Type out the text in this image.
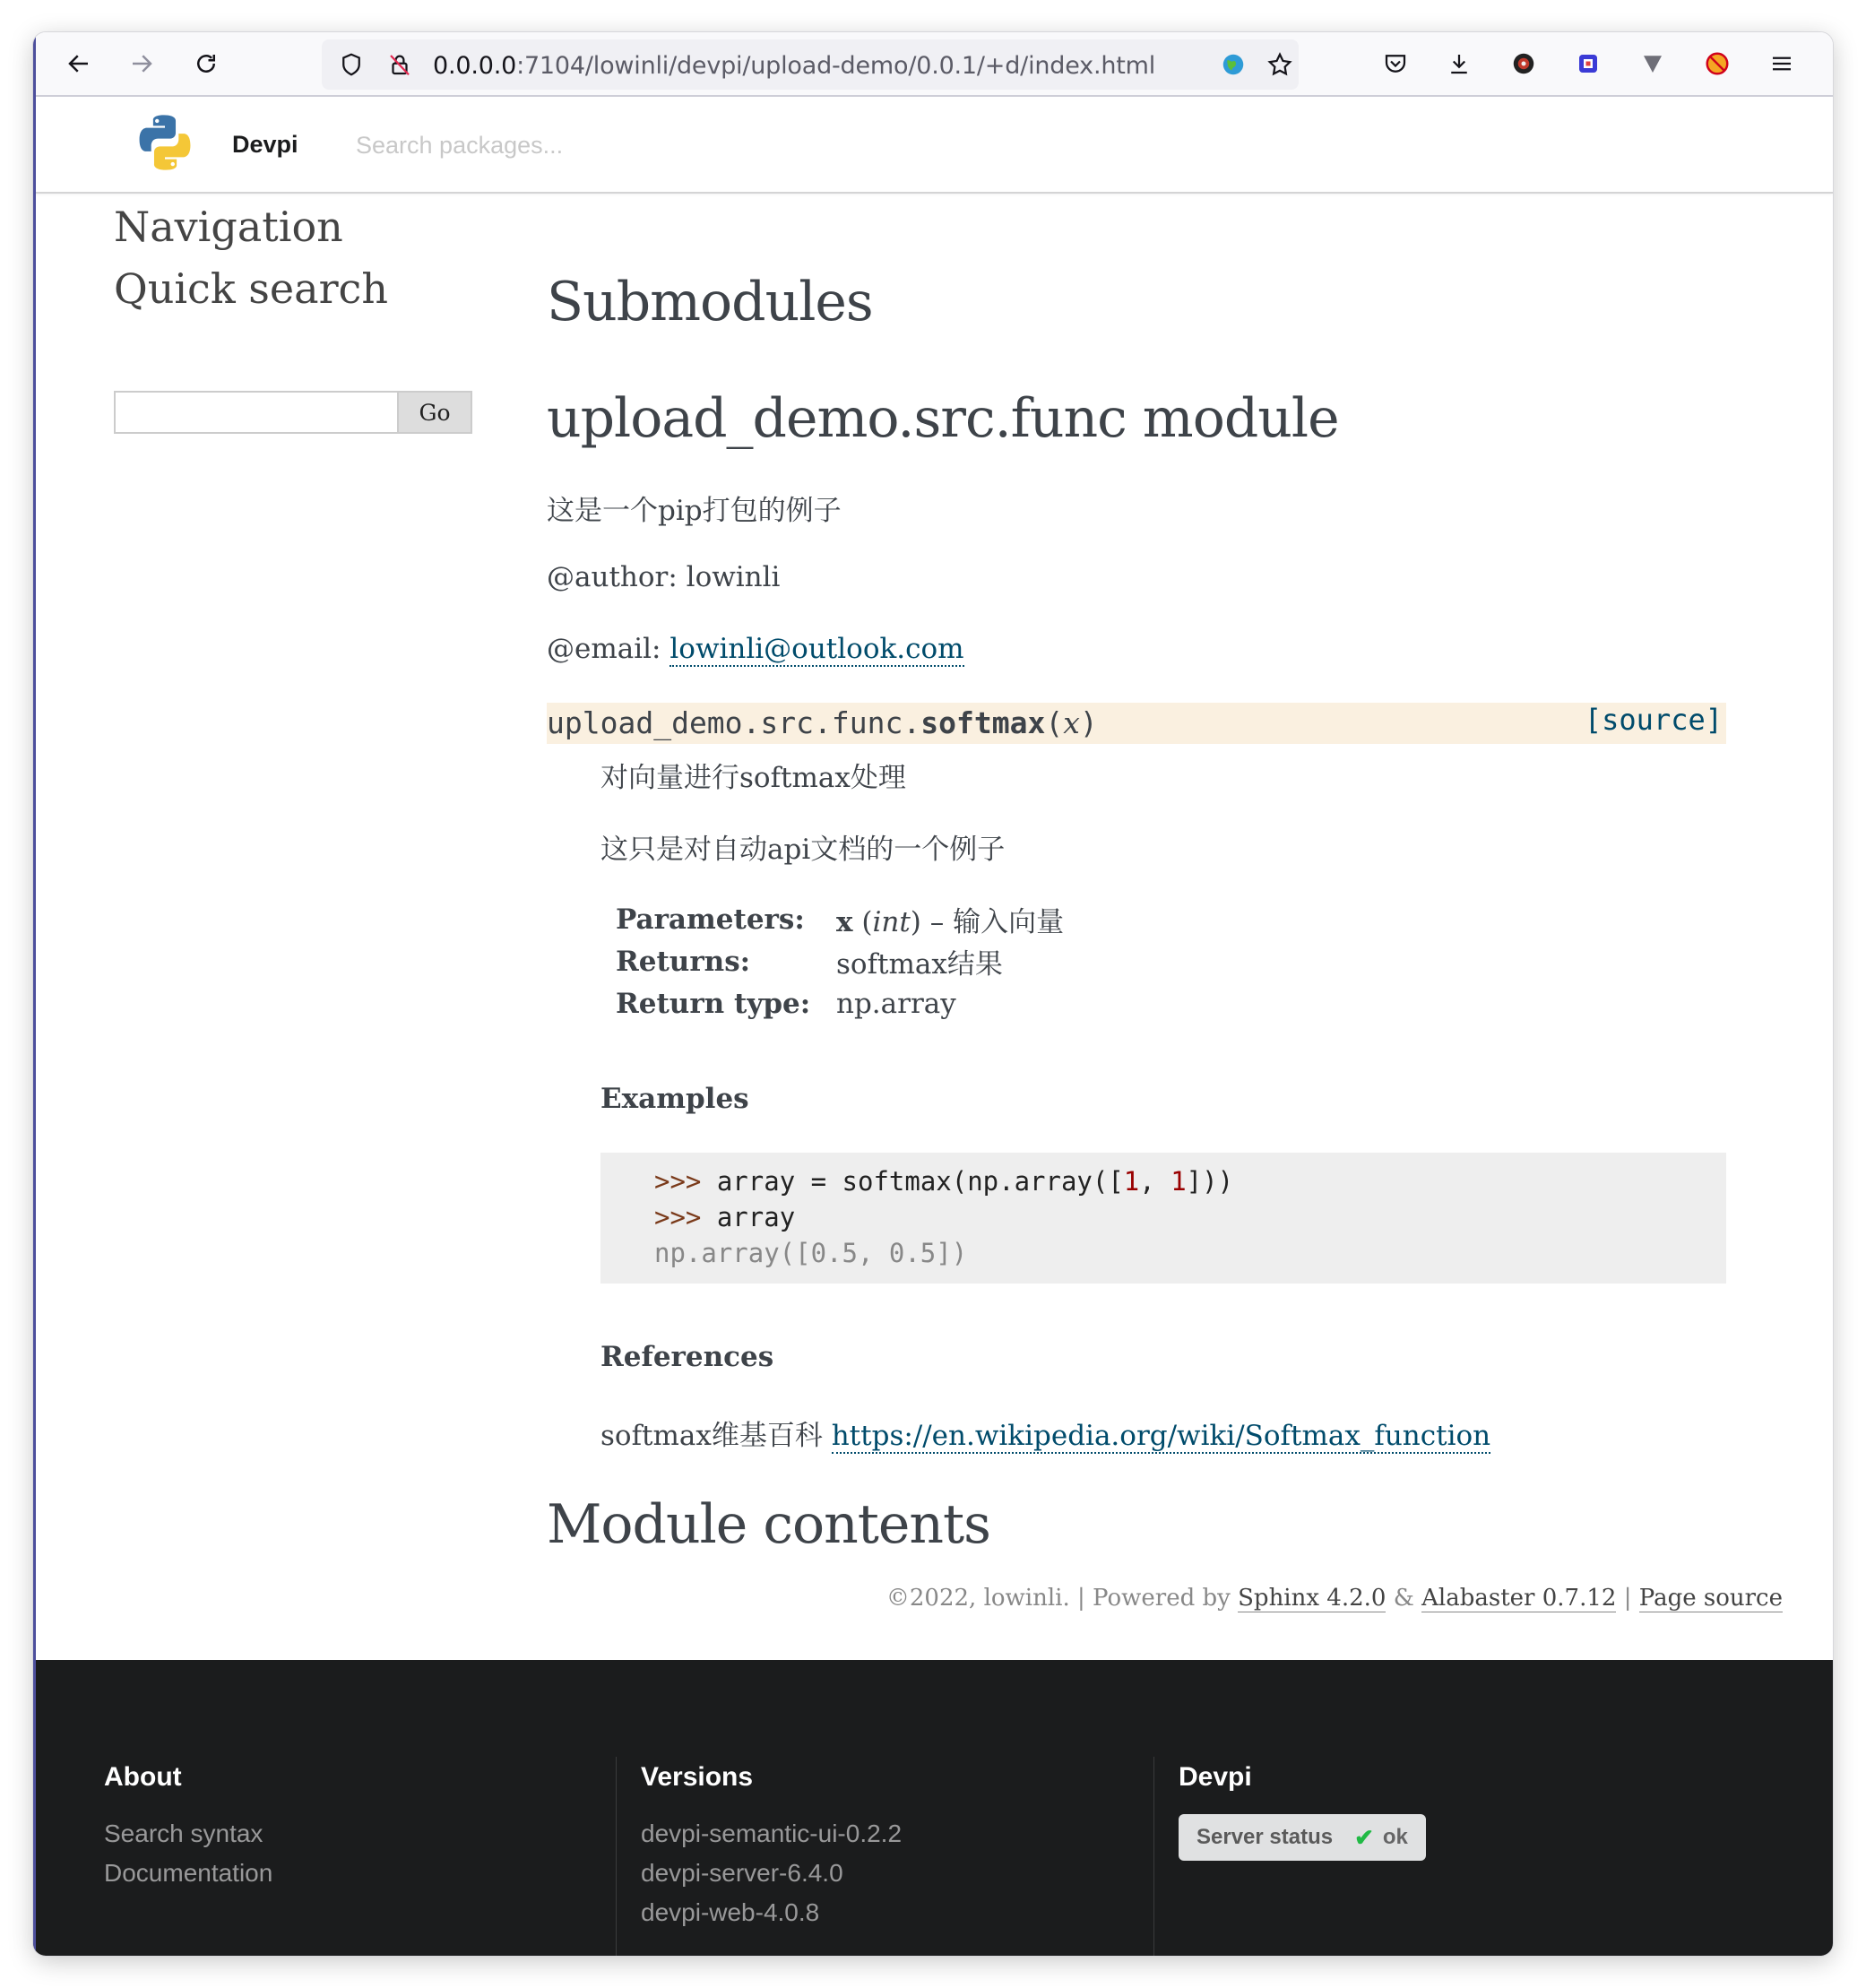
0.0.0.0:7104/lowinli/devpi/upload-demo/0.0.1/+d/index.html
Devpi
Search packages...
Navigation
Quick search
Go
Submodules
upload_demo.src.func module

这是一个pip打包的例子

@author: lowinli

@email: lowinli@outlook.com

upload_demo.src.func.softmax(x)	[source]

对向量进行softmax处理

这只是对自动api文档的一个例子

Parameters:	x (int) – 输入向量
Returns:	softmax结果
Return type: np.array
Examples
>>> array = softmax(np.array([1, 1]))
>>> array
np.array([0.5, 0.5])
References

softmax维基百科 https://en.wikipedia.org/wiki/Softmax_function

Module contents
©2022, lowinli. | Powered by Sphinx 4.2.0 & Alabaster 0.7.12 | Page source
About
Search syntax
Documentation
Versions
devpi-semantic-ui-0.2.2
devpi-server-6.4.0
devpi-web-4.0.8
Devpi
Server status ✔ ok
